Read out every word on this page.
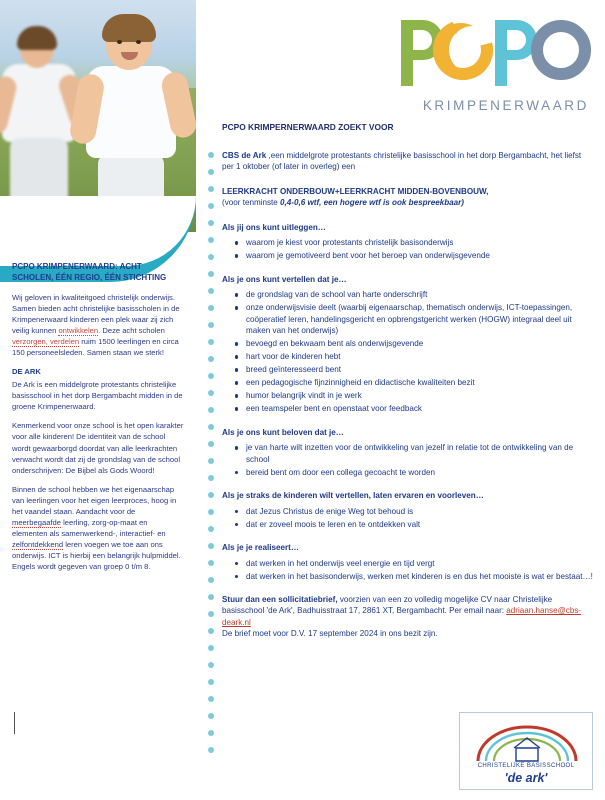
PCPO KRIMPENERWAARD: ACHT SCHOLEN, ÉÉN REGIO, ÉÉN STICHTING

Wij geloven in kwaliteitgoed christelijk onderwijs. Samen bieden acht christelijke basisscholen in de Krimpenerwaard kinderen een plek waar zij zich veilig kunnen ontwikkelen. Deze acht scholen verzorgen, verdelen ruim 1500 leerlingen en circa 150 personeelsleden. Samen staan we sterk!

DE ARK

De Ark is een middelgrote protestants christelijke basisschool in het dorp Bergambacht midden in de groene Krimpenerwaard.

Kenmerkend voor onze school is het open karakter voor alle kinderen! De identiteit van de school wordt gewaarborgd doordat van alle leerkrachten verwacht wordt dat zij de grondslag van de school onderschrijven: De Bijbel als Gods Woord!

Binnen de school hebben we het eigenaarschap van leerlingen voor het eigen leerproces, hoog in het vaandel staan. Aandacht voor de meerbegaafde leerling, zorg-op-maat en elementen als samenwerkend-, interactief- en zelfontdekkend leren voegen we toe aan ons onderwijs. ICT is hierbij een belangrijk hulpmiddel. Engels wordt gegeven van groep 0 t/m 8.

KRIMPENERWAARD
PCPO KRIMPERNERWAARD ZOEKT VOOR

CBS de Ark ,een middelgrote protestants christelijke basisschool in het dorp Bergambacht, het liefst per 1 oktober (of later in overleg) een

LEERKRACHT ONDERBOUW+LEERKRACHT MIDDEN-BOVENBOUW,
(voor tenminste 0,4-0,6 wtf, een hogere wtf is ook bespreekbaar)

Als jij ons kunt uitleggen…
waarom je kiest voor protestants christelijk basisonderwijs
waarom je gemotiveerd bent voor het beroep van onderwijsgevende
Als je ons kunt vertellen dat je…
de grondslag van de school van harte onderschrijft
onze onderwijsvisie deelt (waarbij eigenaarschap, thematisch onderwijs, ICT-toepassingen, coöperatief leren, handelingsgericht en opbrengstgericht werken (HOGW) integraal deel uit maken van het onderwijs)
bevoegd en bekwaam bent als onderwijsgevende
hart voor de kinderen hebt
breed geïnteresseerd bent
een pedagogische fijnzinnigheid en didactische kwaliteiten bezit
humor belangrijk vindt in je werk
een teamspeler bent en openstaat voor feedback
Als je ons kunt beloven dat je…
je van harte wilt inzetten voor de ontwikkeling van jezelf in relatie tot de ontwikkeling van de school
bereid bent om door een collega gecoacht te worden
Als je straks de kinderen wilt vertellen, laten ervaren en voorleven…
dat Jezus Christus de enige Weg tot behoud is
dat er zoveel moois te leren en te ontdekken valt
Als je je realiseert…
dat werken in het onderwijs veel energie en tijd vergt
dat werken in het basisonderwijs, werken met kinderen is en dus het mooiste is wat er bestaat…!

Stuur dan een sollicitatiebrief, voorzien van een zo volledig mogelijke CV naar Christelijke basisschool 'de Ark', Badhuisstraat 17, 2861 XT, Bergambacht. Per email naar: adriaan.hanse@cbs-deark.nl
De brief moet voor D.V. 17 september 2024 in ons bezit zijn.

CHRISTELIJKE BASISSCHOOL
'de ark'
